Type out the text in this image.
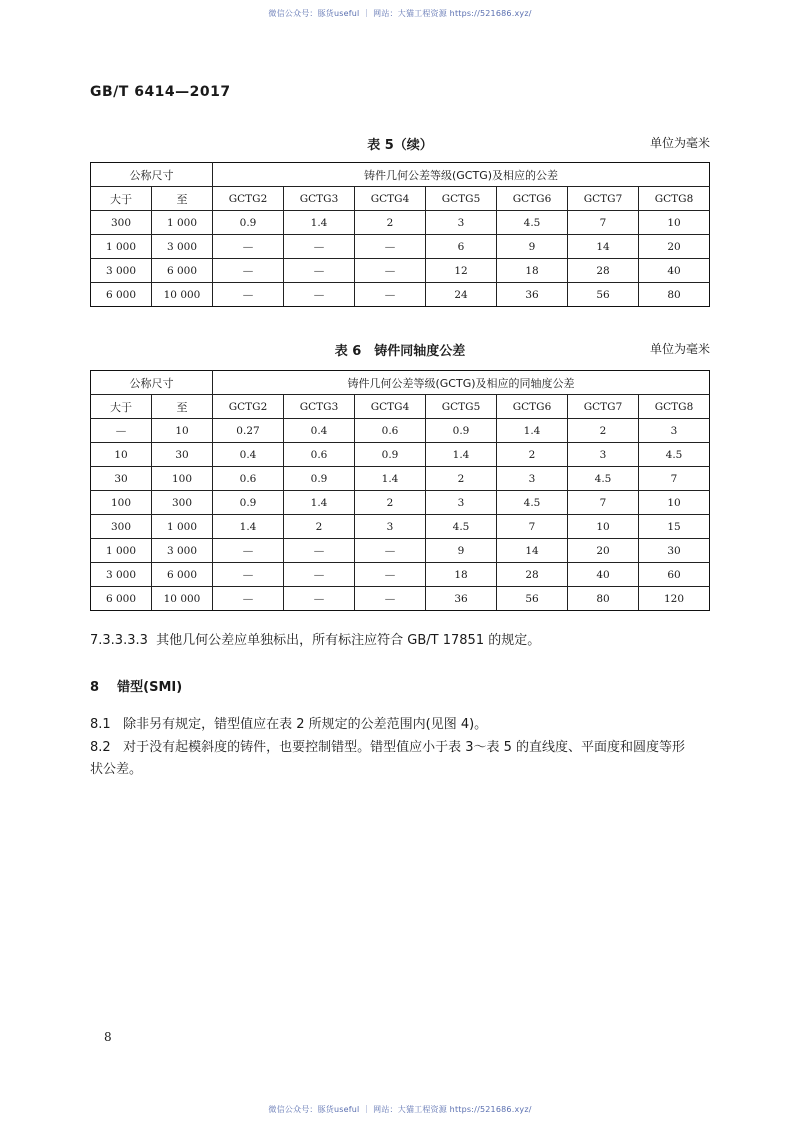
微信公众号：豚货useful ｜ 网站：大猫工程资源 https://521686.xyz/
微信公众号：豚货useful ｜ 网站：大猫工程资源 https://521686.xyz/
GB/T 6414—2017
表 5（续）	单位为毫米
公称尺寸		铸件几何公差等级(GCTG)及相应的公差						
大于	至	GCTG2	GCTG3	GCTG4	GCTG5	GCTG6	GCTG7	GCTG8
300	1 000	0.9	1.4	2	3	4.5	7	10
1 000	3 000	—	—	—	6	9	14	20
3 000	6 000	—	—	—	12	18	28	40
6 000	10 000	—	—	—	24	36	56	80
表 6　铸件同轴度公差	单位为毫米
公称尺寸		铸件几何公差等级(GCTG)及相应的同轴度公差						
大于	至	GCTG2	GCTG3	GCTG4	GCTG5	GCTG6	GCTG7	GCTG8
—	10	0.27	0.4	0.6	0.9	1.4	2	3
10	30	0.4	0.6	0.9	1.4	2	3	4.5
30	100	0.6	0.9	1.4	2	3	4.5	7
100	300	0.9	1.4	2	3	4.5	7	10
300	1 000	1.4	2	3	4.5	7	10	15
1 000	3 000	—	—	—	9	14	20	30
3 000	6 000	—	—	—	18	28	40	60
6 000	10 000	—	—	—	36	56	80	120
7.3.3.3.3 其他几何公差应单独标出，所有标注应符合 GB/T 17851 的规定。
8 错型(SMI)
8.1 除非另有规定，错型值应在表 2 所规定的公差范围内(见图 4)。
8.2 对于没有起模斜度的铸件，也要控制错型。错型值应小于表 3～表 5 的直线度、平面度和圆度等形
状公差。
8
